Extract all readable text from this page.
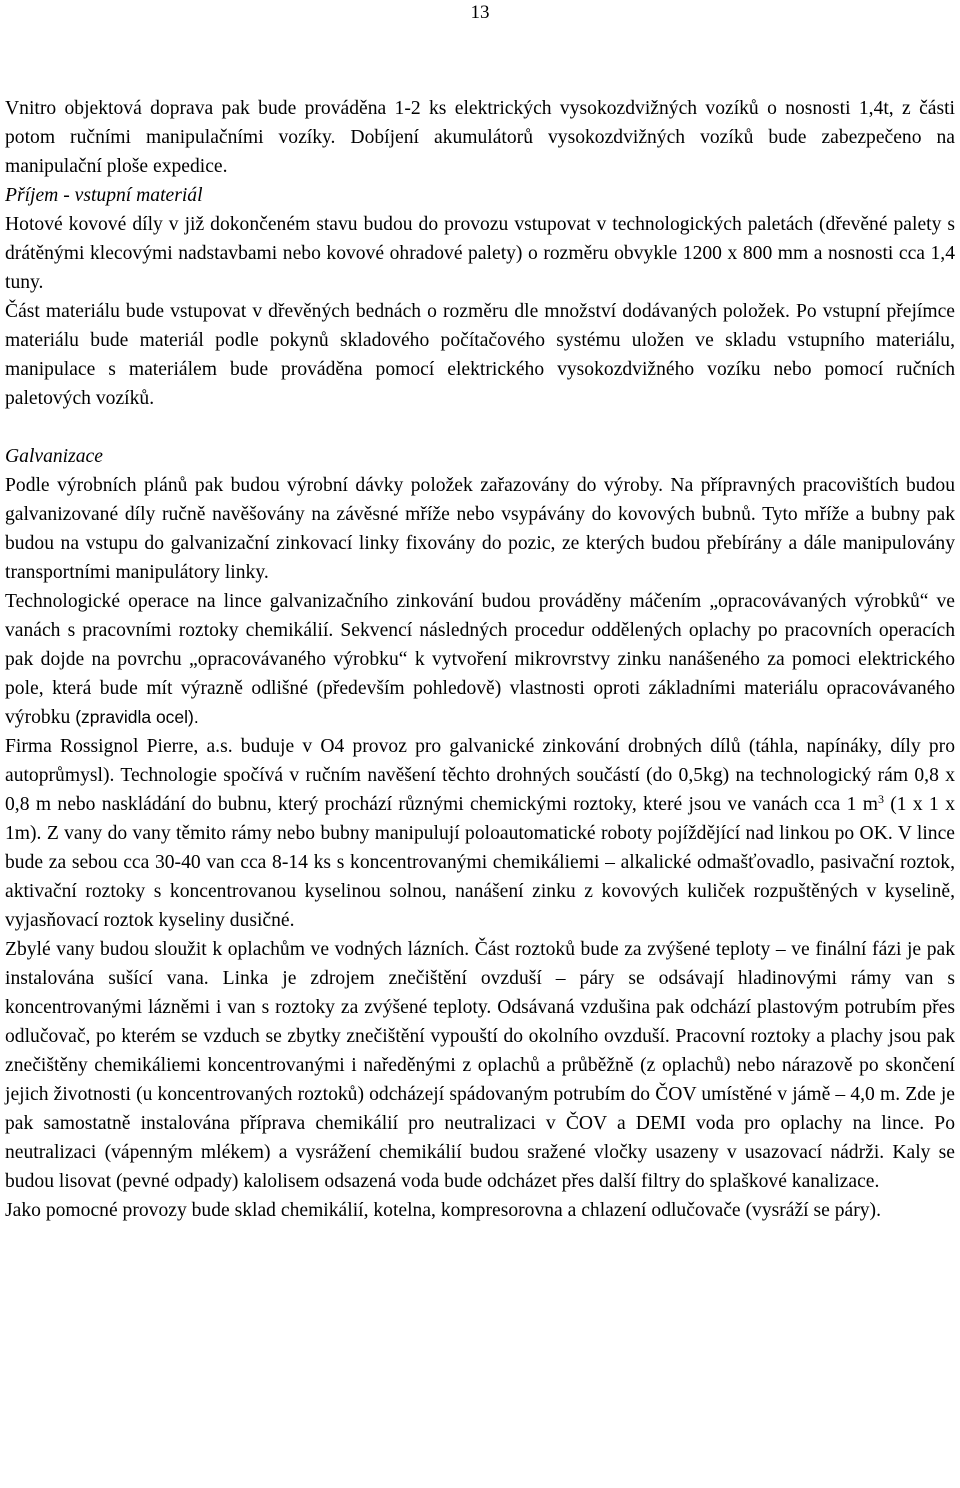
13

Vnitro objektová doprava pak bude prováděna 1-2 ks elektrických vysokozdvižných vozíků o nosnosti 1,4t, z části potom ručními manipulačními vozíky. Dobíjení akumulátorů vysokozdvižných vozíků bude zabezpečeno na manipulační ploše expedice.

Příjem - vstupní materiál

Hotové kovové díly v již dokončeném stavu budou do provozu vstupovat v technologických paletách (dřevěné palety s drátěnými klecovými nadstavbami nebo kovové ohradové palety) o rozměru obvykle 1200 x 800 mm a nosnosti cca 1,4 tuny.

Část materiálu bude vstupovat v dřevěných bednách o rozměru dle množství dodávaných položek. Po vstupní přejímce materiálu bude materiál podle pokynů skladového počítačového systému uložen ve skladu vstupního materiálu, manipulace s materiálem bude prováděna pomocí elektrického vysokozdvižného vozíku nebo pomocí ručních paletových vozíků.

Galvanizace

Podle výrobních plánů pak budou výrobní dávky položek zařazovány do výroby. Na přípravných pracovištích budou galvanizované díly ručně navěšovány na závěsné mříže nebo vsypávány do kovových bubnů. Tyto mříže a bubny pak budou na vstupu do galvanizační zinkovací linky fixovány do pozic, ze kterých budou přebírány a dále manipulovány transportními manipulátory linky.

Technologické operace na lince galvanizačního zinkování budou prováděny máčením „opracovávaných výrobků“ ve vanách s pracovními roztoky chemikálií. Sekvencí následných procedur oddělených oplachy po pracovních operacích pak dojde na povrchu „opracovávaného výrobku“ k vytvoření mikrovrstvy zinku nanášeného za pomoci elektrického pole, která bude mít výrazně odlišné (především pohledově) vlastnosti oproti základními materiálu opracovávaného výrobku (zpravidla ocel).

Firma Rossignol Pierre, a.s. buduje v O4 provoz pro galvanické zinkování drobných dílů (táhla, napínáky, díly pro autoprůmysl). Technologie spočívá v ručním navěšení těchto drohných součástí (do 0,5kg) na technologický rám 0,8 x 0,8 m nebo naskládání do bubnu, který prochází různými chemickými roztoky, které jsou ve vanách cca 1 $m^3$ (1 x 1 x 1m). Z vany do vany těmito rámy nebo bubny manipulují poloautomatické roboty pojíždějící nad linkou po OK. V lince bude za sebou cca 30-40 van cca 8-14 ks s koncentrovanými chemikáliemi – alkalické odmašťovadlo, pasivační roztok, aktivační roztoky s koncentrovanou kyselinou solnou, nanášení zinku z kovových kuliček rozpuštěných v kyselině, vyjasňovací roztok kyseliny dusičné.

Zbylé vany budou sloužit k oplachům ve vodných lázních. Část roztoků bude za zvýšené teploty – ve finální fázi je pak instalována sušící vana. Linka je zdrojem znečištění ovzduší – páry se odsávají hladinovými rámy van s koncentrovanými lázněmi i van s roztoky za zvýšené teploty. Odsávaná vzdušina pak odchází plastovým potrubím přes odlučovač, po kterém se vzduch se zbytky znečištění vypouští do okolního ovzduší. Pracovní roztoky a plachy jsou pak znečištěny chemikáliemi koncentrovanými i naředěnými z oplachů a průběžně (z oplachů) nebo nárazově po skončení jejich životnosti (u koncentrovaných roztoků) odcházejí spádovaným potrubím do ČOV umístěné v jámě – 4,0 m. Zde je pak samostatně instalována příprava chemikálií pro neutralizaci v ČOV a DEMI voda pro oplachy na lince. Po neutralizaci (vápenným mlékem) a vysrážení chemikálií budou sražené vločky usazeny v usazovací nádrži. Kaly se budou lisovat (pevné odpady) kalolisem odsazená voda bude odcházet přes další filtry do splaškové kanalizace.

Jako pomocné provozy bude sklad chemikálií, kotelna, kompresorovna a chlazení odlučovače (vysráží se páry).
